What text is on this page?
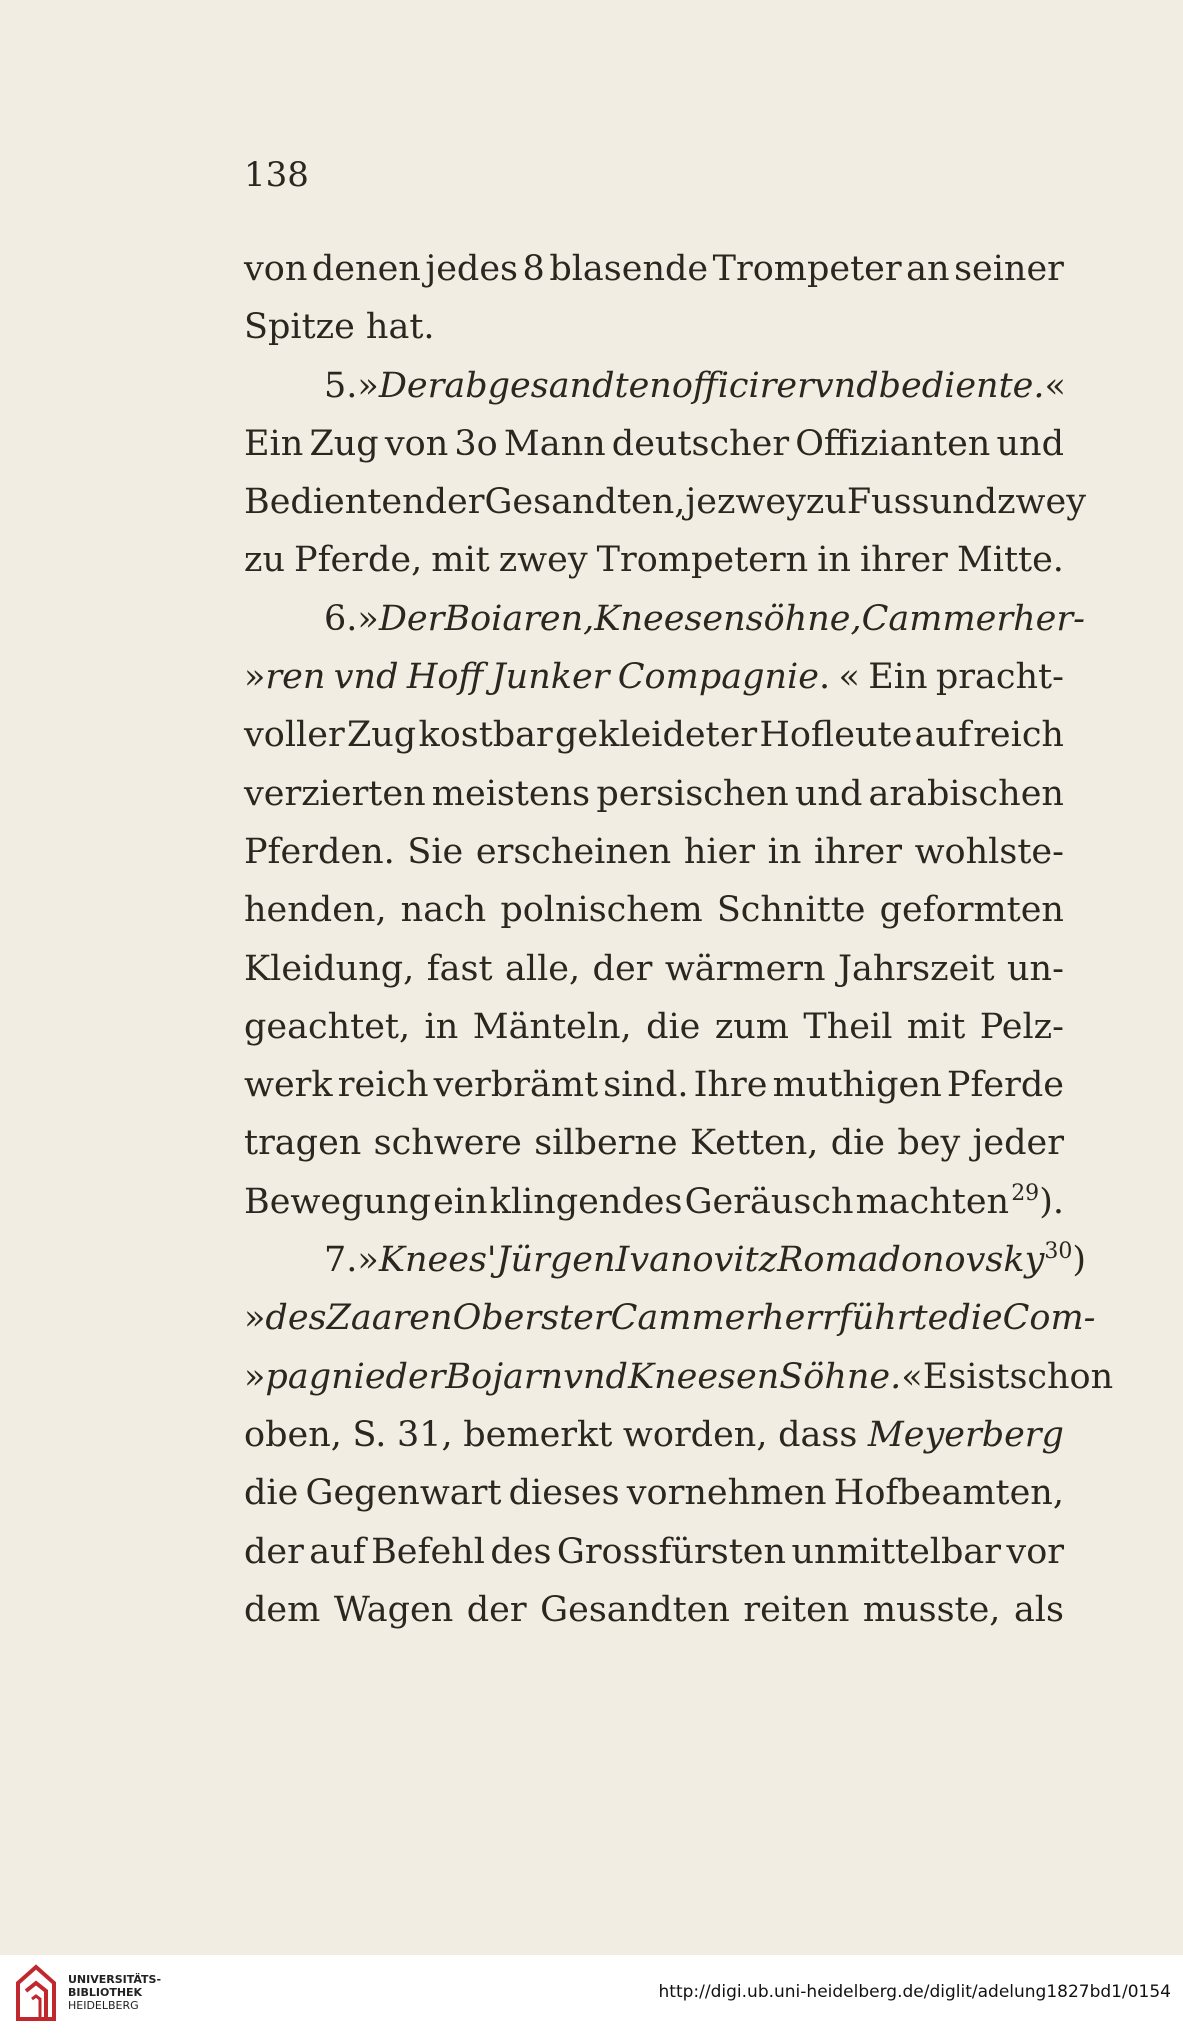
138
von denen jedes 8 blasende Trompeter an seiner
Spitze hat.
5. »Der abgesandten officirer vnd bediente. «
Ein Zug von 3o Mann deutscher Offizianten und
Bedienten der Gesandten, je zwey zu Fuss und zwey
zu Pferde, mit zwey Trompetern in ihrer Mitte.
6. »Der Boiaren, Kneesen söhne, Cammerher-
»ren vnd Hoff Junker Compagnie. « Ein pracht-
voller Zug kostbar gekleideter Hofleute auf reich
verzierten meistens persischen und arabischen
Pferden. Sie erscheinen hier in ihrer wohlste-
henden, nach polnischem Schnitte geformten
Kleidung, fast alle, der wärmern Jahrszeit un-
geachtet, in Mänteln, die zum Theil mit Pelz-
werk reich verbrämt sind. Ihre muthigen Pferde
tragen schwere silberne Ketten, die bey jeder
Bewegung ein klingendes Geräusch machten 29).
7. »Knees' Jürgen Ivanovitz Romadonovsky30)
»des Zaaren Oberster Cammerherr führte die Com-
»pagnie der Bojarn vnd Kneesen Söhne.« Es ist schon
oben, S. 31, bemerkt worden, dass Meyerberg
die Gegenwart dieses vornehmen Hofbeamten,
der auf Befehl des Grossfürsten unmittelbar vor
dem Wagen der Gesandten reiten musste, als
UNIVERSITÄTS-
BIBLIOTHEK
HEIDELBERG
http://digi.ub.uni-heidelberg.de/diglit/adelung1827bd1/0154
